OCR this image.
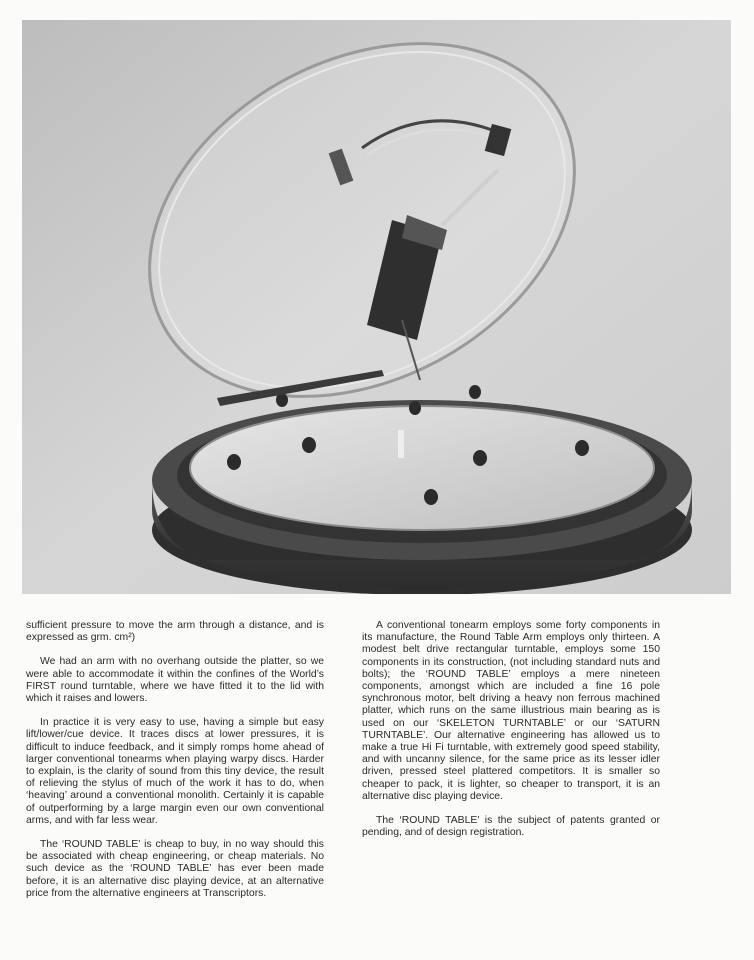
sufficient pressure to move the arm through a distance, and is expressed as grm. cm²)

We had an arm with no overhang outside the platter, so we were able to accommodate it within the confines of the World’s FIRST round turntable, where we have fitted it to the lid with which it raises and lowers.

In practice it is very easy to use, having a simple but easy lift/lower/cue device. It traces discs at lower pressures, it is difficult to induce feedback, and it simply romps home ahead of larger conventional tonearms when playing warpy discs. Harder to explain, is the clarity of sound from this tiny device, the result of relieving the stylus of much of the work it has to do, when ‘heaving’ around a conventional monolith. Certainly it is capable of outperforming by a large margin even our own conventional arms, and with far less wear.

The ‘ROUND TABLE’ is cheap to buy, in no way should this be associated with cheap engineering, or cheap materials. No such device as the ‘ROUND TABLE’ has ever been made before, it is an alternative disc playing device, at an alternative price from the alternative engineers at Transcriptors.

A conventional tonearm employs some forty components in its manufacture, the Round Table Arm employs only thirteen. A modest belt drive rectangular turntable, employs some 150 components in its construction, (not including standard nuts and bolts); the ‘ROUND TABLE’ employs a mere nineteen components, amongst which are included a fine 16 pole synchronous motor, belt driving a heavy non ferrous machined platter, which runs on the same illustrious main bearing as is used on our ‘SKELETON TURNTABLE’ or our ‘SATURN TURNTABLE’. Our alternative engineering has allowed us to make a true Hi Fi turntable, with extremely good speed stability, and with uncanny silence, for the same price as its lesser idler driven, pressed steel plattered competitors. It is smaller so cheaper to pack, it is lighter, so cheaper to transport, it is an alternative disc playing device.

The ‘ROUND TABLE’ is the subject of patents granted or pending, and of design registration.
